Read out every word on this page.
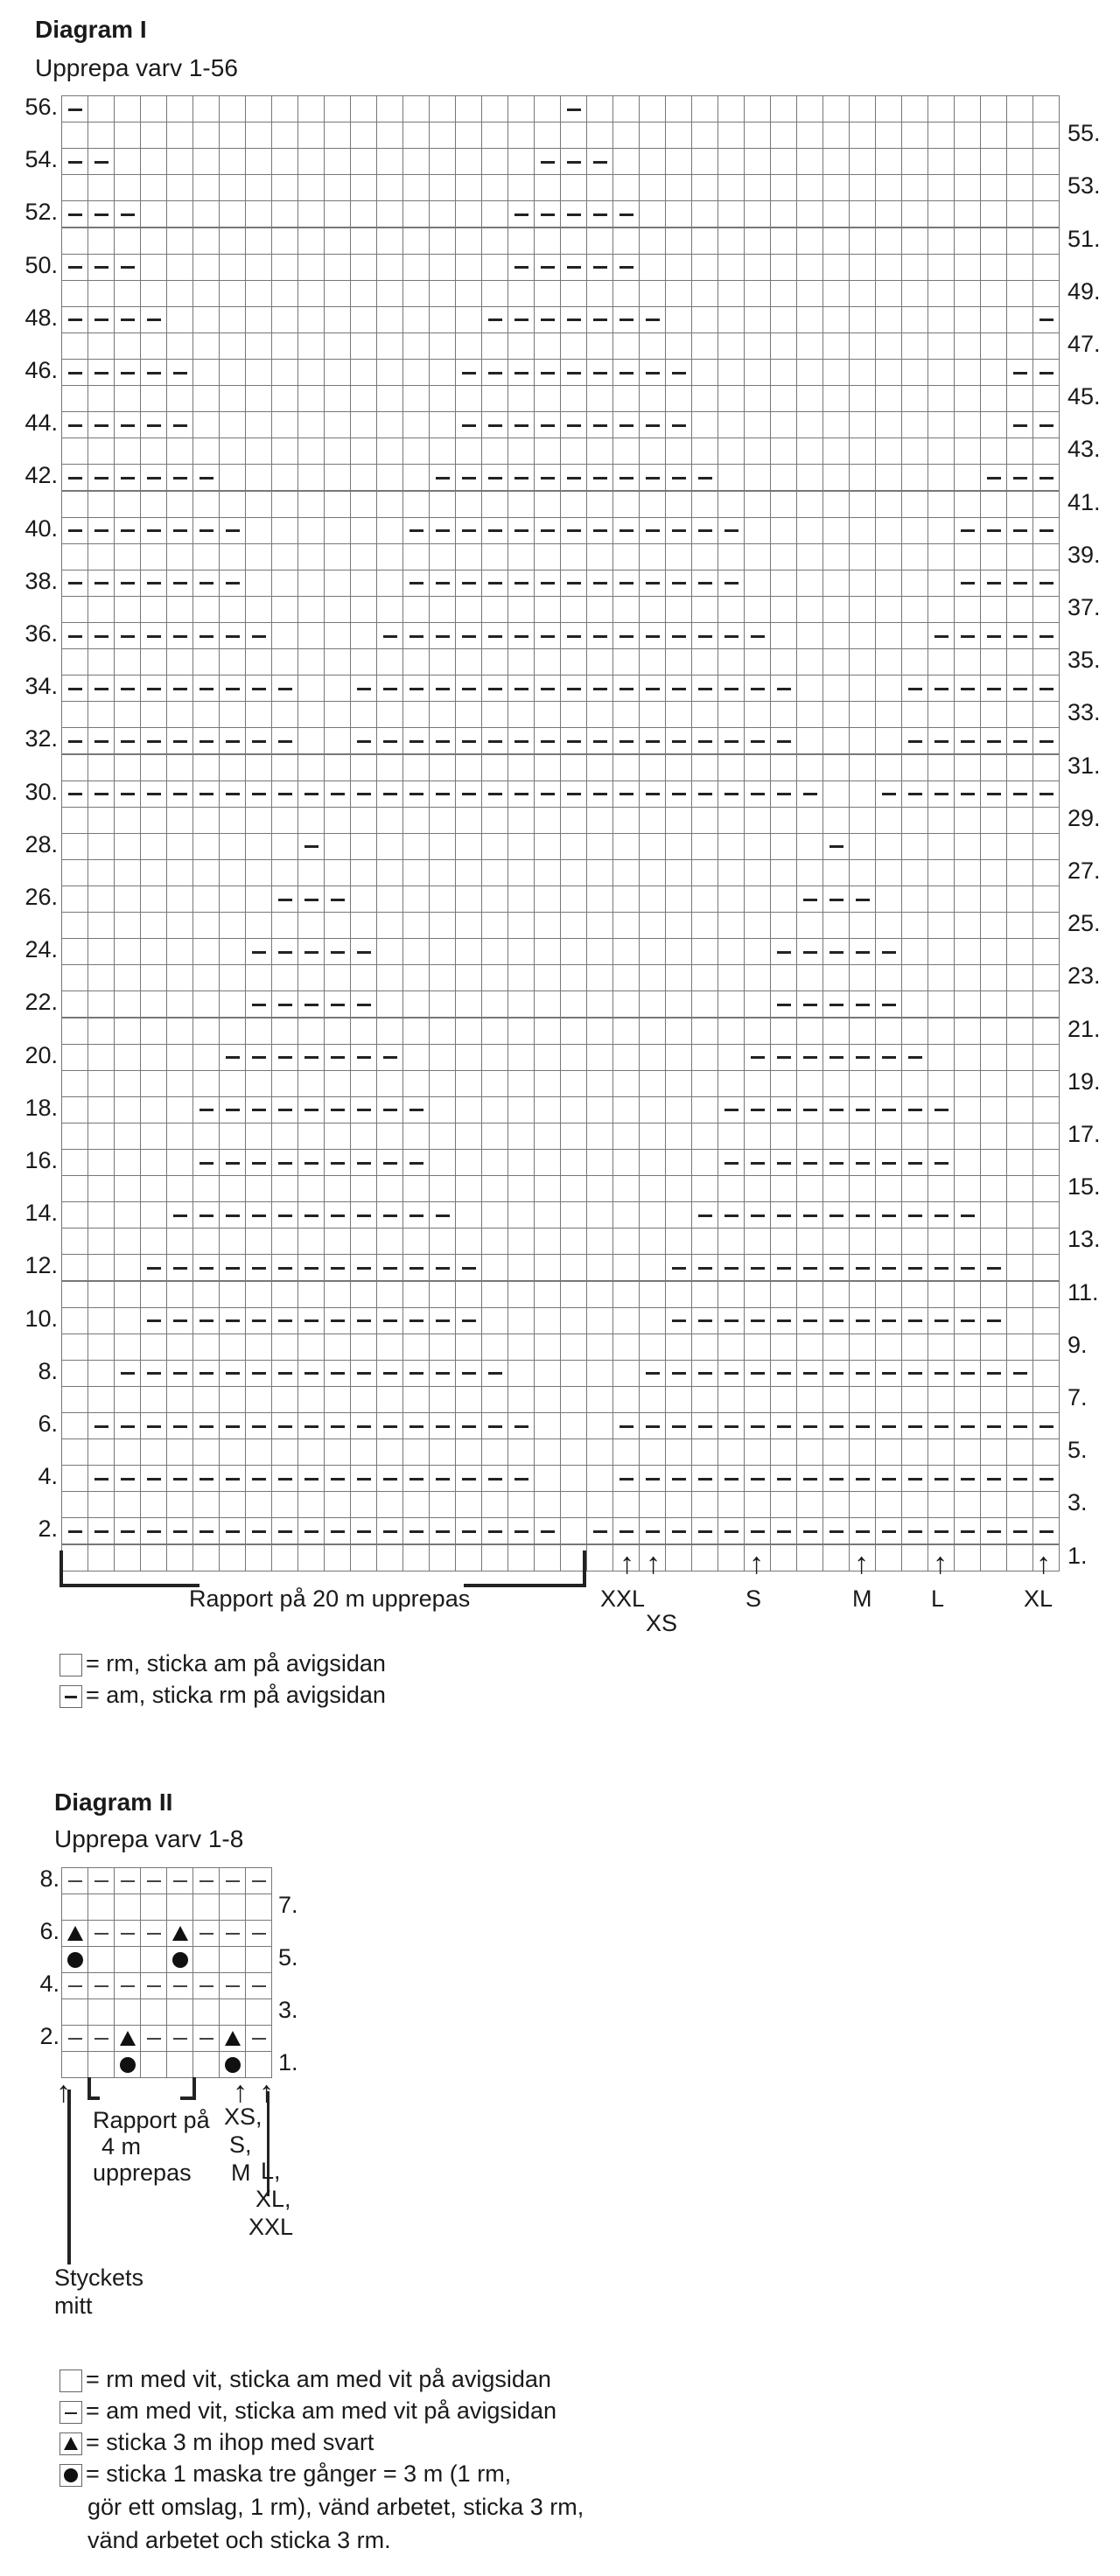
Diagram I
Upprepa varv 1-56
56.
54.
52.
50.
48.
46.
44.
42.
40.
38.
36.
34.
32.
30.
28.
26.
24.
22.
20.
18.
16.
14.
12.
10.
8.
6.
4.
2.
55.
53.
51.
49.
47.
45.
43.
41.
39.
37.
35.
33.
31.
29.
27.
25.
23.
21.
19.
17.
15.
13.
11.
9.
7.
5.
3.
1.
Rapport på 20 m upprepas
↑ ↑	↑	↑ ↑	↑
XXL
XS
S	M	L	XL
= rm, sticka am på avigsidan
= am, sticka rm på avigsidan
Diagram II
Upprepa varv 1-8
8.
6.
4.
2.
7.
5.
3.
1.
↑	↑ ↑
Rapport på
4 m
upprepas
XS,
S,
M L,
XL,
XXL
Styckets
mitt
= rm med vit, sticka am med vit på avigsidan
= am med vit, sticka am med vit på avigsidan
= sticka 3 m ihop med svart
= sticka 1 maska tre gånger = 3 m (1 rm,
gör ett omslag, 1 rm), vänd arbetet, sticka 3 rm,
vänd arbetet och sticka 3 rm.
